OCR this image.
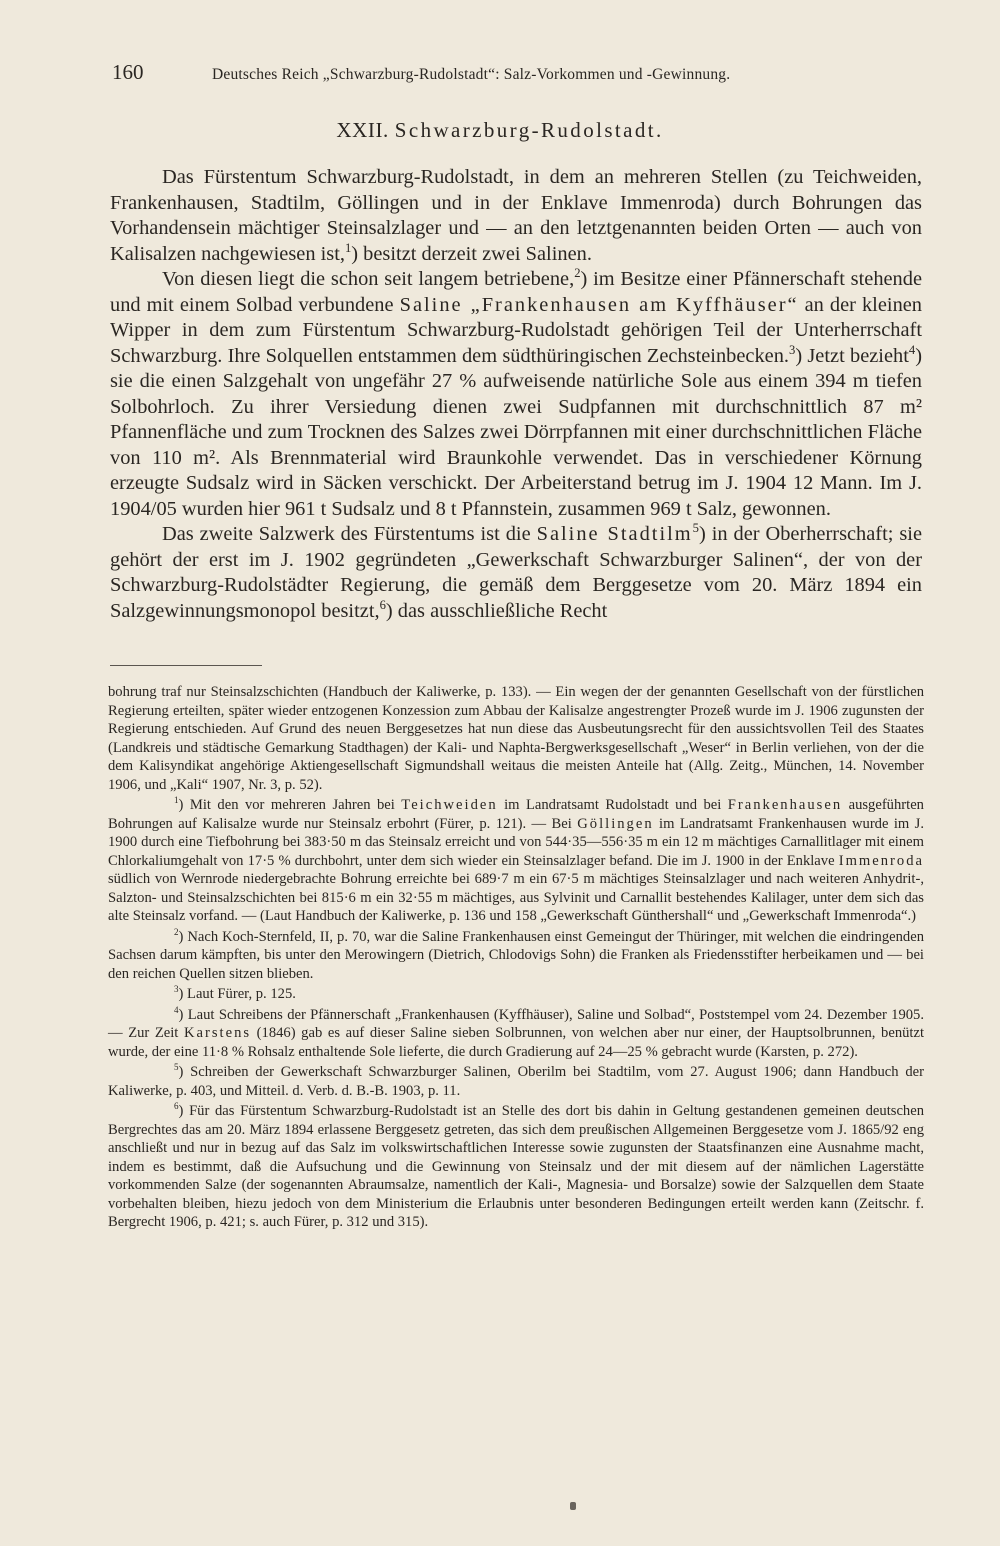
160	Deutsches Reich „Schwarzburg-Rudolstadt“: Salz-Vorkommen und -Gewinnung.
XXII. Schwarzburg-Rudolstadt.

Das Fürstentum Schwarzburg-Rudolstadt, in dem an mehreren Stellen (zu Teichweiden, Frankenhausen, Stadtilm, Göllingen und in der Enklave Immenroda) durch Bohrungen das Vorhandensein mächtiger Steinsalzlager und — an den letztgenannten beiden Orten — auch von Kalisalzen nachgewiesen ist,$^1$) besitzt derzeit zwei Salinen.

Von diesen liegt die schon seit langem betriebene,$^2$) im Besitze einer Pfännerschaft stehende und mit einem Solbad verbundene Saline „Frankenhausen am Kyffhäuser“ an der kleinen Wipper in dem zum Fürstentum Schwarzburg-Rudolstadt gehörigen Teil der Unterherrschaft Schwarzburg. Ihre Solquellen entstammen dem südthüringischen Zechsteinbecken.$^3$) Jetzt bezieht$^4$) sie die einen Salzgehalt von ungefähr 27 % aufweisende natürliche Sole aus einem 394 m tiefen Solbohrloch. Zu ihrer Versiedung dienen zwei Sudpfannen mit durchschnittlich 87 m² Pfannenfläche und zum Trocknen des Salzes zwei Dörrpfannen mit einer durchschnittlichen Fläche von 110 m². Als Brennmaterial wird Braunkohle verwendet. Das in verschiedener Körnung erzeugte Sudsalz wird in Säcken verschickt. Der Arbeiterstand betrug im J. 1904 12 Mann. Im J. 1904/05 wurden hier 961 t Sudsalz und 8 t Pfannstein, zusammen 969 t Salz, gewonnen.

Das zweite Salzwerk des Fürstentums ist die Saline Stadtilm$^5$) in der Oberherrschaft; sie gehört der erst im J. 1902 gegründeten „Gewerkschaft Schwarzburger Salinen“, der von der Schwarzburg-Rudolstädter Regierung, die gemäß dem Berggesetze vom 20. März 1894 ein Salzgewinnungsmonopol besitzt,$^6$) das ausschließliche Recht

bohrung traf nur Steinsalzschichten (Handbuch der Kaliwerke, p. 133). — Ein wegen der der genannten Gesellschaft von der fürstlichen Regierung erteilten, später wieder entzogenen Konzession zum Abbau der Kalisalze angestrengter Prozeß wurde im J. 1906 zugunsten der Regierung entschieden. Auf Grund des neuen Berggesetzes hat nun diese das Ausbeutungsrecht für den aussichtsvollen Teil des Staates (Landkreis und städtische Gemarkung Stadthagen) der Kali- und Naphta-Bergwerksgesellschaft „Weser“ in Berlin verliehen, von der die dem Kalisyndikat angehörige Aktiengesellschaft Sigmundshall weitaus die meisten Anteile hat (Allg. Zeitg., München, 14. November 1906, und „Kali“ 1907, Nr. 3, p. 52).

$^1$) Mit den vor mehreren Jahren bei Teichweiden im Landratsamt Rudolstadt und bei Frankenhausen ausgeführten Bohrungen auf Kalisalze wurde nur Steinsalz erbohrt (Fürer, p. 121). — Bei Göllingen im Landratsamt Frankenhausen wurde im J. 1900 durch eine Tiefbohrung bei 383·50 m das Steinsalz erreicht und von 544·35—556·35 m ein 12 m mächtiges Carnallitlager mit einem Chlorkaliumgehalt von 17·5 % durchbohrt, unter dem sich wieder ein Steinsalzlager befand. Die im J. 1900 in der Enklave Immenroda südlich von Wernrode niedergebrachte Bohrung erreichte bei 689·7 m ein 67·5 m mächtiges Steinsalzlager und nach weiteren Anhydrit-, Salzton- und Steinsalzschichten bei 815·6 m ein 32·55 m mächtiges, aus Sylvinit und Carnallit bestehendes Kalilager, unter dem sich das alte Steinsalz vorfand. — (Laut Handbuch der Kaliwerke, p. 136 und 158 „Gewerkschaft Günthershall“ und „Gewerkschaft Immenroda“.)

$^2$) Nach Koch-Sternfeld, II, p. 70, war die Saline Frankenhausen einst Gemeingut der Thüringer, mit welchen die eindringenden Sachsen darum kämpften, bis unter den Merowingern (Dietrich, Chlodovigs Sohn) die Franken als Friedensstifter herbeikamen und — bei den reichen Quellen sitzen blieben.

$^3$) Laut Fürer, p. 125.

$^4$) Laut Schreibens der Pfännerschaft „Frankenhausen (Kyffhäuser), Saline und Solbad“, Poststempel vom 24. Dezember 1905. — Zur Zeit Karstens (1846) gab es auf dieser Saline sieben Solbrunnen, von welchen aber nur einer, der Hauptsolbrunnen, benützt wurde, der eine 11·8 % Rohsalz enthaltende Sole lieferte, die durch Gradierung auf 24—25 % gebracht wurde (Karsten, p. 272).

$^5$) Schreiben der Gewerkschaft Schwarzburger Salinen, Oberilm bei Stadtilm, vom 27. August 1906; dann Handbuch der Kaliwerke, p. 403, und Mitteil. d. Verb. d. B.-B. 1903, p. 11.

$^6$) Für das Fürstentum Schwarzburg-Rudolstadt ist an Stelle des dort bis dahin in Geltung gestandenen gemeinen deutschen Bergrechtes das am 20. März 1894 erlassene Berggesetz getreten, das sich dem preußischen Allgemeinen Berggesetze vom J. 1865/92 eng anschließt und nur in bezug auf das Salz im volkswirtschaftlichen Interesse sowie zugunsten der Staatsfinanzen eine Ausnahme macht, indem es bestimmt, daß die Aufsuchung und die Gewinnung von Steinsalz und der mit diesem auf der nämlichen Lagerstätte vorkommenden Salze (der sogenannten Abraumsalze, namentlich der Kali-, Magnesia- und Borsalze) sowie der Salzquellen dem Staate vorbehalten bleiben, hiezu jedoch von dem Ministerium die Erlaubnis unter besonderen Bedingungen erteilt werden kann (Zeitschr. f. Bergrecht 1906, p. 421; s. auch Fürer, p. 312 und 315).
